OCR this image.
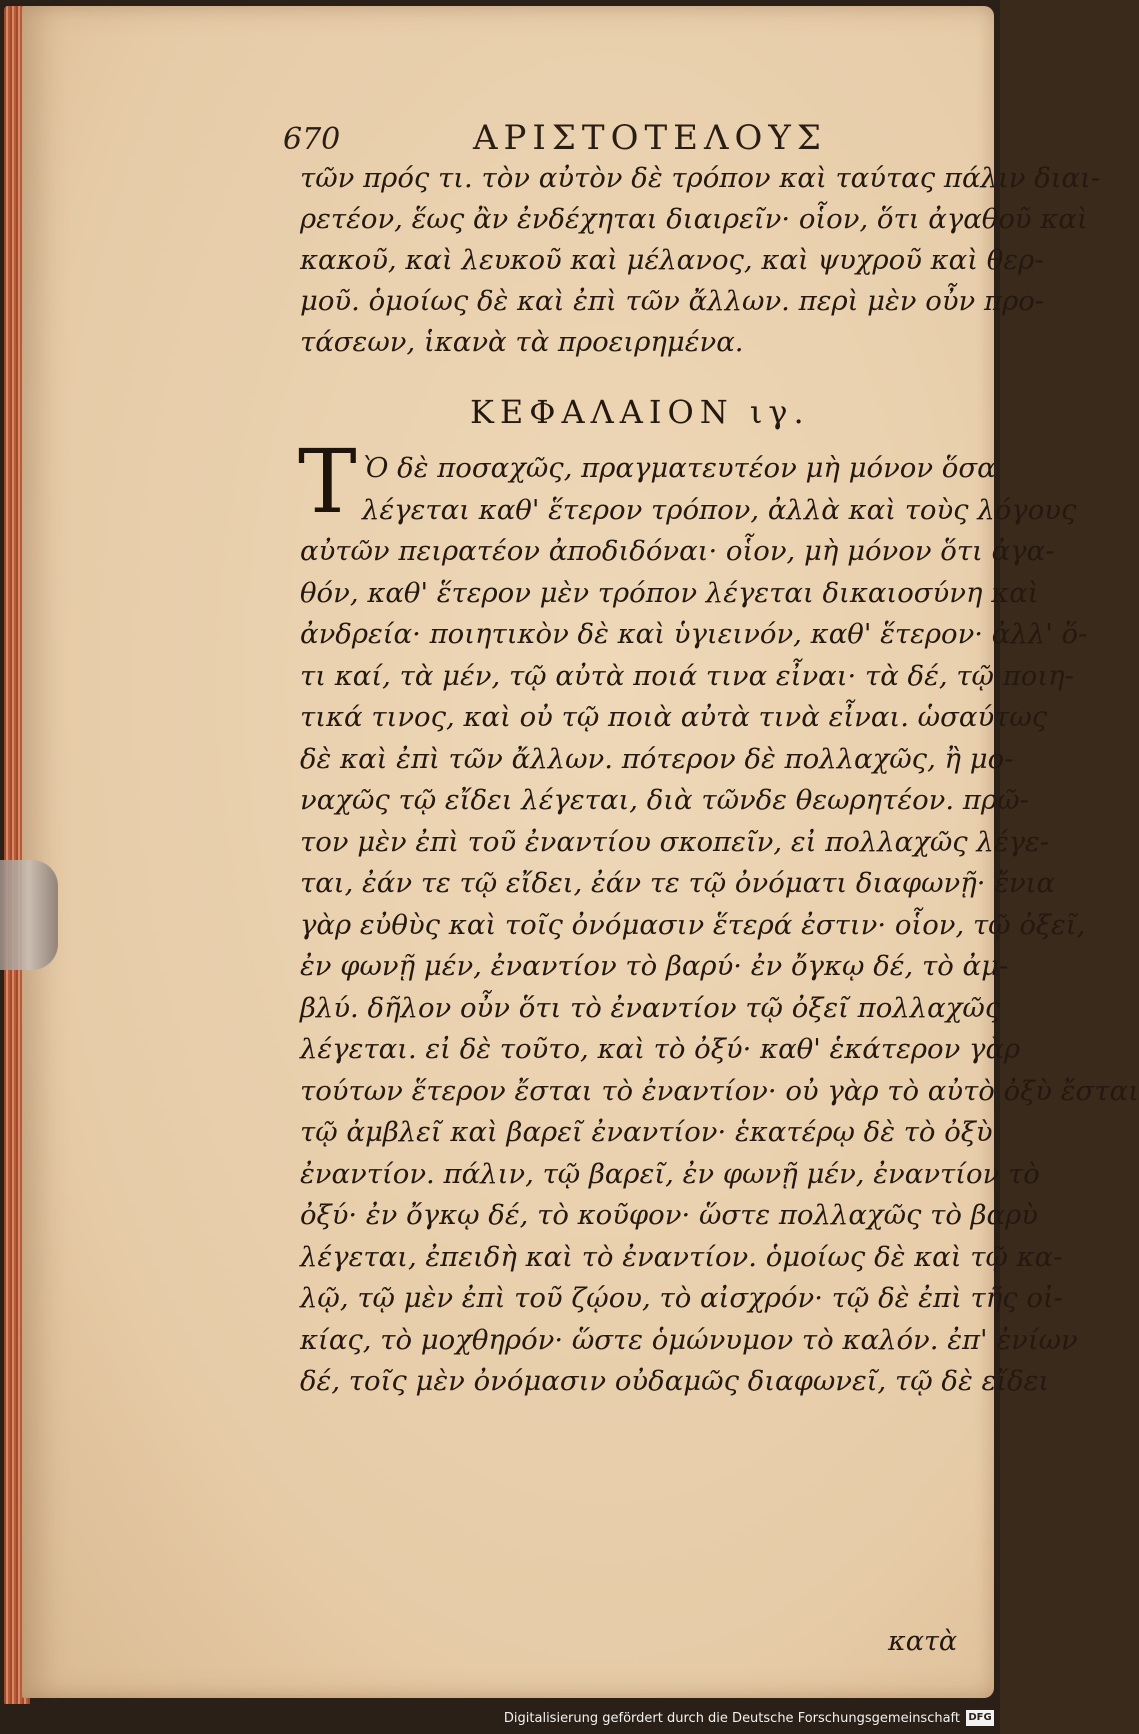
670	ΑΡΙΣΤΟΤΕΛΟΥΣ
τῶν πρός τι. τὸν αὐτὸν δὲ τρόπον καὶ ταύτας πάλιν διαι-
ρετέον, ἕως ἂν ἐνδέχηται διαιρεῖν· οἷον, ὅτι ἀγαθοῦ καὶ
κακοῦ, καὶ λευκοῦ καὶ μέλανος, καὶ ψυχροῦ καὶ θερ-
μοῦ. ὁμοίως δὲ καὶ ἐπὶ τῶν ἄλλων. περὶ μὲν οὖν προ-
τάσεων, ἱκανὰ τὰ προειρημένα.
ΚΕΦΑΛΑΙΟΝ ιγ.
Τ Ὸ δὲ ποσαχῶς, πραγματευτέον μὴ μόνον ὅσα
λέγεται καθ' ἕτερον τρόπον, ἀλλὰ καὶ τοὺς λόγους
αὐτῶν πειρατέον ἀποδιδόναι· οἷον, μὴ μόνον ὅτι ἀγα-
θόν, καθ' ἕτερον μὲν τρόπον λέγεται δικαιοσύνη καὶ
ἀνδρεία· ποιητικὸν δὲ καὶ ὑγιεινόν, καθ' ἕτερον· ἀλλ' ὅ-
τι καί, τὰ μέν, τῷ αὐτὰ ποιά τινα εἶναι· τὰ δέ, τῷ ποιη-
τικά τινος, καὶ οὐ τῷ ποιὰ αὐτὰ τινὰ εἶναι. ὡσαύτως
δὲ καὶ ἐπὶ τῶν ἄλλων. πότερον δὲ πολλαχῶς, ἢ μο-
ναχῶς τῷ εἴδει λέγεται, διὰ τῶνδε θεωρητέον. πρῶ-
τον μὲν ἐπὶ τοῦ ἐναντίου σκοπεῖν, εἰ πολλαχῶς λέγε-
ται, ἐάν τε τῷ εἴδει, ἐάν τε τῷ ὀνόματι διαφωνῇ· ἔνια
γὰρ εὐθὺς καὶ τοῖς ὀνόμασιν ἕτερά ἐστιν· οἷον, τῷ ὀξεῖ,
ἐν φωνῇ μέν, ἐναντίον τὸ βαρύ· ἐν ὄγκῳ δέ, τὸ ἀμ-
βλύ. δῆλον οὖν ὅτι τὸ ἐναντίον τῷ ὀξεῖ πολλαχῶς
λέγεται. εἰ δὲ τοῦτο, καὶ τὸ ὀξύ· καθ' ἑκάτερον γὰρ
τούτων ἕτερον ἔσται τὸ ἐναντίον· οὐ γὰρ τὸ αὐτὸ ὀξὺ ἔσται
τῷ ἀμβλεῖ καὶ βαρεῖ ἐναντίον· ἑκατέρῳ δὲ τὸ ὀξὺ
ἐναντίον. πάλιν, τῷ βαρεῖ, ἐν φωνῇ μέν, ἐναντίον τὸ
ὀξύ· ἐν ὄγκῳ δέ, τὸ κοῦφον· ὥστε πολλαχῶς τὸ βαρὺ
λέγεται, ἐπειδὴ καὶ τὸ ἐναντίον. ὁμοίως δὲ καὶ τῷ κα-
λῷ, τῷ μὲν ἐπὶ τοῦ ζῴου, τὸ αἰσχρόν· τῷ δὲ ἐπὶ τῆς οἰ-
κίας, τὸ μοχθηρόν· ὥστε ὁμώνυμον τὸ καλόν. ἐπ' ἐνίων
δέ, τοῖς μὲν ὀνόμασιν οὐδαμῶς διαφωνεῖ, τῷ δὲ εἴδει
κατὰ
Digitalisierung gefördert durch die Deutsche Forschungsgemeinschaft DFG
